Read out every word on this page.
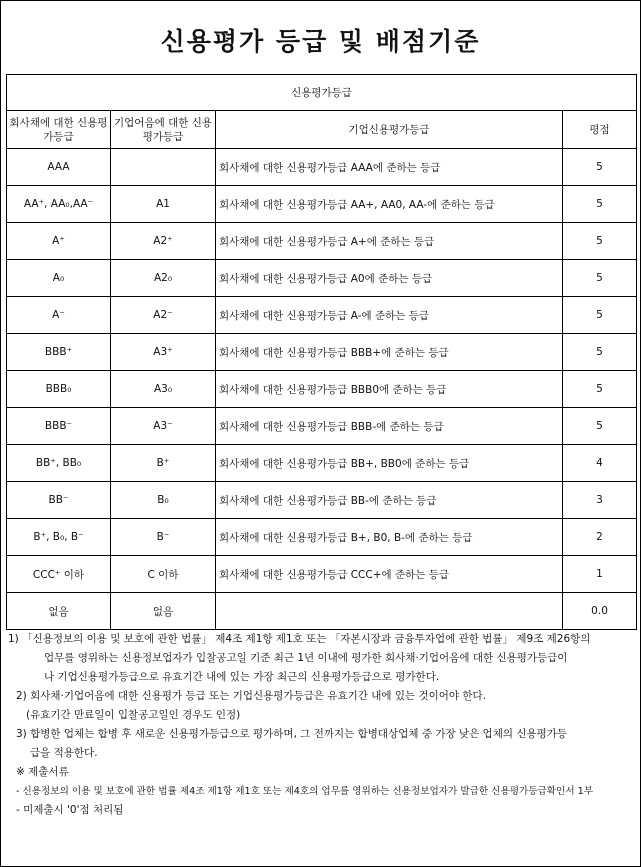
신용평가 등급 및 배점기준
신용평가등급			
회사채에 대한 신용평가등급	기업어음에 대한 신용평가등급	기업신용평가등급	평점
AAA		회사채에 대한 신용평가등급 AAA에 준하는 등급	5
AA⁺, AA₀,AA⁻	A1	회사채에 대한 신용평가등급 AA+, AA0, AA-에 준하는 등급	5
A⁺	A2⁺	회사채에 대한 신용평가등급 A+에 준하는 등급	5
A₀	A2₀	회사채에 대한 신용평가등급 A0에 준하는 등급	5
A⁻	A2⁻	회사채에 대한 신용평가등급 A-에 준하는 등급	5
BBB⁺	A3⁺	회사채에 대한 신용평가등급 BBB+에 준하는 등급	5
BBB₀	A3₀	회사채에 대한 신용평가등급 BBB0에 준하는 등급	5
BBB⁻	A3⁻	회사채에 대한 신용평가등급 BBB-에 준하는 등급	5
BB⁺, BB₀	B⁺	회사채에 대한 신용평가등급 BB+, BB0에 준하는 등급	4
BB⁻	B₀	회사채에 대한 신용평가등급 BB-에 준하는 등급	3
B⁺, B₀, B⁻	B⁻	회사채에 대한 신용평가등급 B+, B0, B-에 준하는 등급	2
CCC⁺ 이하	C 이하	회사채에 대한 신용평가등급 CCC+에 준하는 등급	1
없음	없음		0.0
1) 「신용정보의 이용 및 보호에 관한 법률」 제4조 제1항 제1호 또는 「자본시장과 금융투자업에 관한 법률」 제9조 제26항의
업무를 영위하는 신용정보업자가 입찰공고일 기준 최근 1년 이내에 평가한 회사채·기업어음에 대한 신용평가등급이
나 기업신용평가등급으로 유효기간 내에 있는 가장 최근의 신용평가등급으로 평가한다.
2) 회사채·기업어음에 대한 신용평가 등급 또는 기업신용평가등급은 유효기간 내에 있는 것이어야 한다.
(유효기간 만료일이 입찰공고일인 경우도 인정)
3) 합병한 업체는 합병 후 새로운 신용평가등급으로 평가하며, 그 전까지는 합병대상업체 중 가장 낮은 업체의 신용평가등
급을 적용한다.
※ 제출서류
- 신용정보의 이용 및 보호에 관한 법률 제4조 제1항 제1호 또는 제4호의 업무를 영위하는 신용정보업자가 발급한 신용평가등급확인서 1부
- 미제출시 '0'점 처리됨
